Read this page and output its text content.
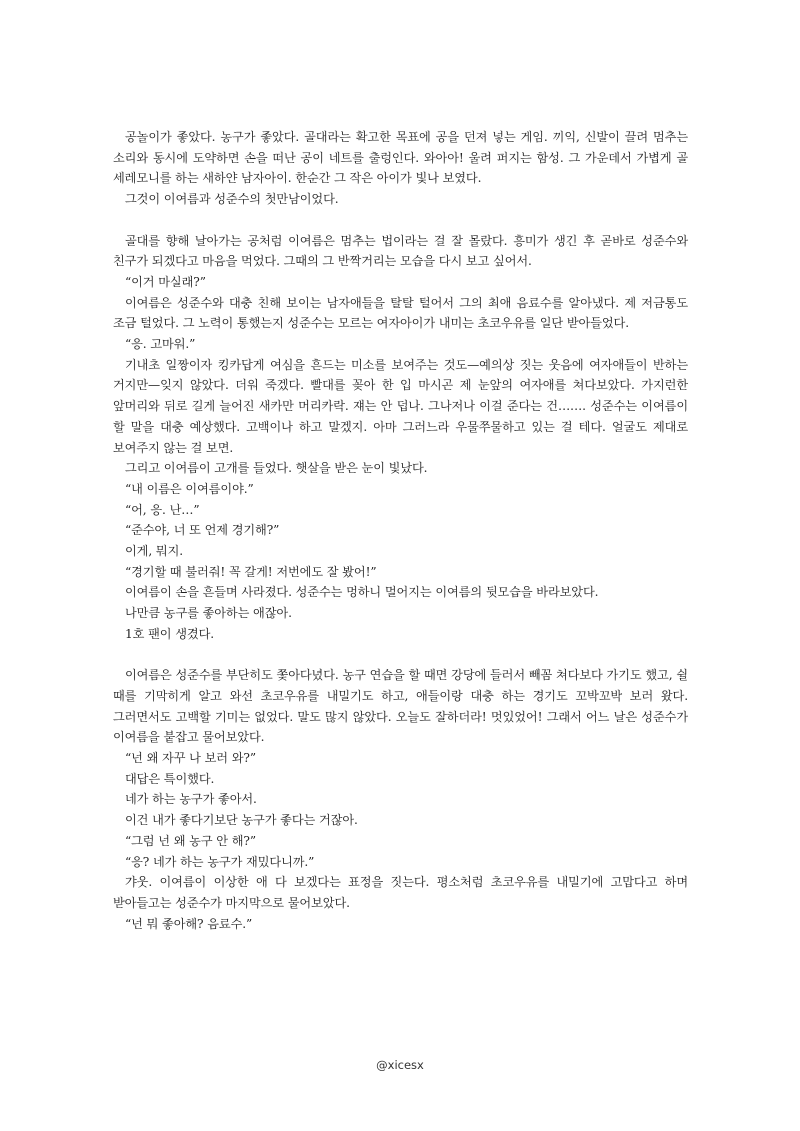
공놀이가 좋았다. 농구가 좋았다. 골대라는 확고한 목표에 공을 던져 넣는 게임. 끼익, 신발이 끌려 멈추는 소리와 동시에 도약하면 손을 떠난 공이 네트를 출렁인다. 와아아! 울려 퍼지는 함성. 그 가운데서 가볍게 골 세레모니를 하는 새하얀 남자아이. 한순간 그 작은 아이가 빛나 보였다.

그것이 이여름과 성준수의 첫만남이었다.

골대를 향해 날아가는 공처럼 이여름은 멈추는 법이라는 걸 잘 몰랐다. 흥미가 생긴 후 곧바로 성준수와 친구가 되겠다고 마음을 먹었다. 그때의 그 반짝거리는 모습을 다시 보고 싶어서.

“이거 마실래?”

이여름은 성준수와 대충 친해 보이는 남자애들을 탈탈 털어서 그의 최애 음료수를 알아냈다. 제 저금통도 조금 털었다. 그 노력이 통했는지 성준수는 모르는 여자아이가 내미는 초코우유를 일단 받아들었다.

“응. 고마워.”

기내초 일짱이자 킹카답게 여심을 흔드는 미소를 보여주는 것도—예의상 짓는 웃음에 여자애들이 반하는 거지만—잊지 않았다. 더워 죽겠다. 빨대를 꽂아 한 입 마시곤 제 눈앞의 여자애를 쳐다보았다. 가지런한 앞머리와 뒤로 길게 늘어진 새카만 머리카락. 쟤는 안 덥나. 그나저나 이걸 준다는 건……. 성준수는 이여름이 할 말을 대충 예상했다. 고백이나 하고 말겠지. 아마 그러느라 우물쭈물하고 있는 걸 테다. 얼굴도 제대로 보여주지 않는 걸 보면.

그리고 이여름이 고개를 들었다. 햇살을 받은 눈이 빛났다.

“내 이름은 이여름이야.”

“어, 응. 난…”

“준수야, 너 또 언제 경기해?”

이게, 뭐지.

“경기할 때 불러줘! 꼭 갈게! 저번에도 잘 봤어!”

이여름이 손을 흔들며 사라졌다. 성준수는 멍하니 멀어지는 이여름의 뒷모습을 바라보았다.

나만큼 농구를 좋아하는 애잖아.

1호 팬이 생겼다.

이여름은 성준수를 부단히도 쫓아다녔다. 농구 연습을 할 때면 강당에 들러서 빼꼼 쳐다보다 가기도 했고, 쉴 때를 기막히게 알고 와선 초코우유를 내밀기도 하고, 애들이랑 대충 하는 경기도 꼬박꼬박 보러 왔다. 그러면서도 고백할 기미는 없었다. 말도 많지 않았다. 오늘도 잘하더라! 멋있었어! 그래서 어느 날은 성준수가 이여름을 붙잡고 물어보았다.

“넌 왜 자꾸 나 보러 와?”

대답은 특이했다.

네가 하는 농구가 좋아서.

이건 내가 좋다기보단 농구가 좋다는 거잖아.

“그럼 넌 왜 농구 안 해?”

“응? 네가 하는 농구가 재밌다니까.”

갸웃. 이여름이 이상한 애 다 보겠다는 표정을 짓는다. 평소처럼 초코우유를 내밀기에 고맙다고 하며 받아들고는 성준수가 마지막으로 물어보았다.

“넌 뭐 좋아해? 음료수.”

@xicesx
